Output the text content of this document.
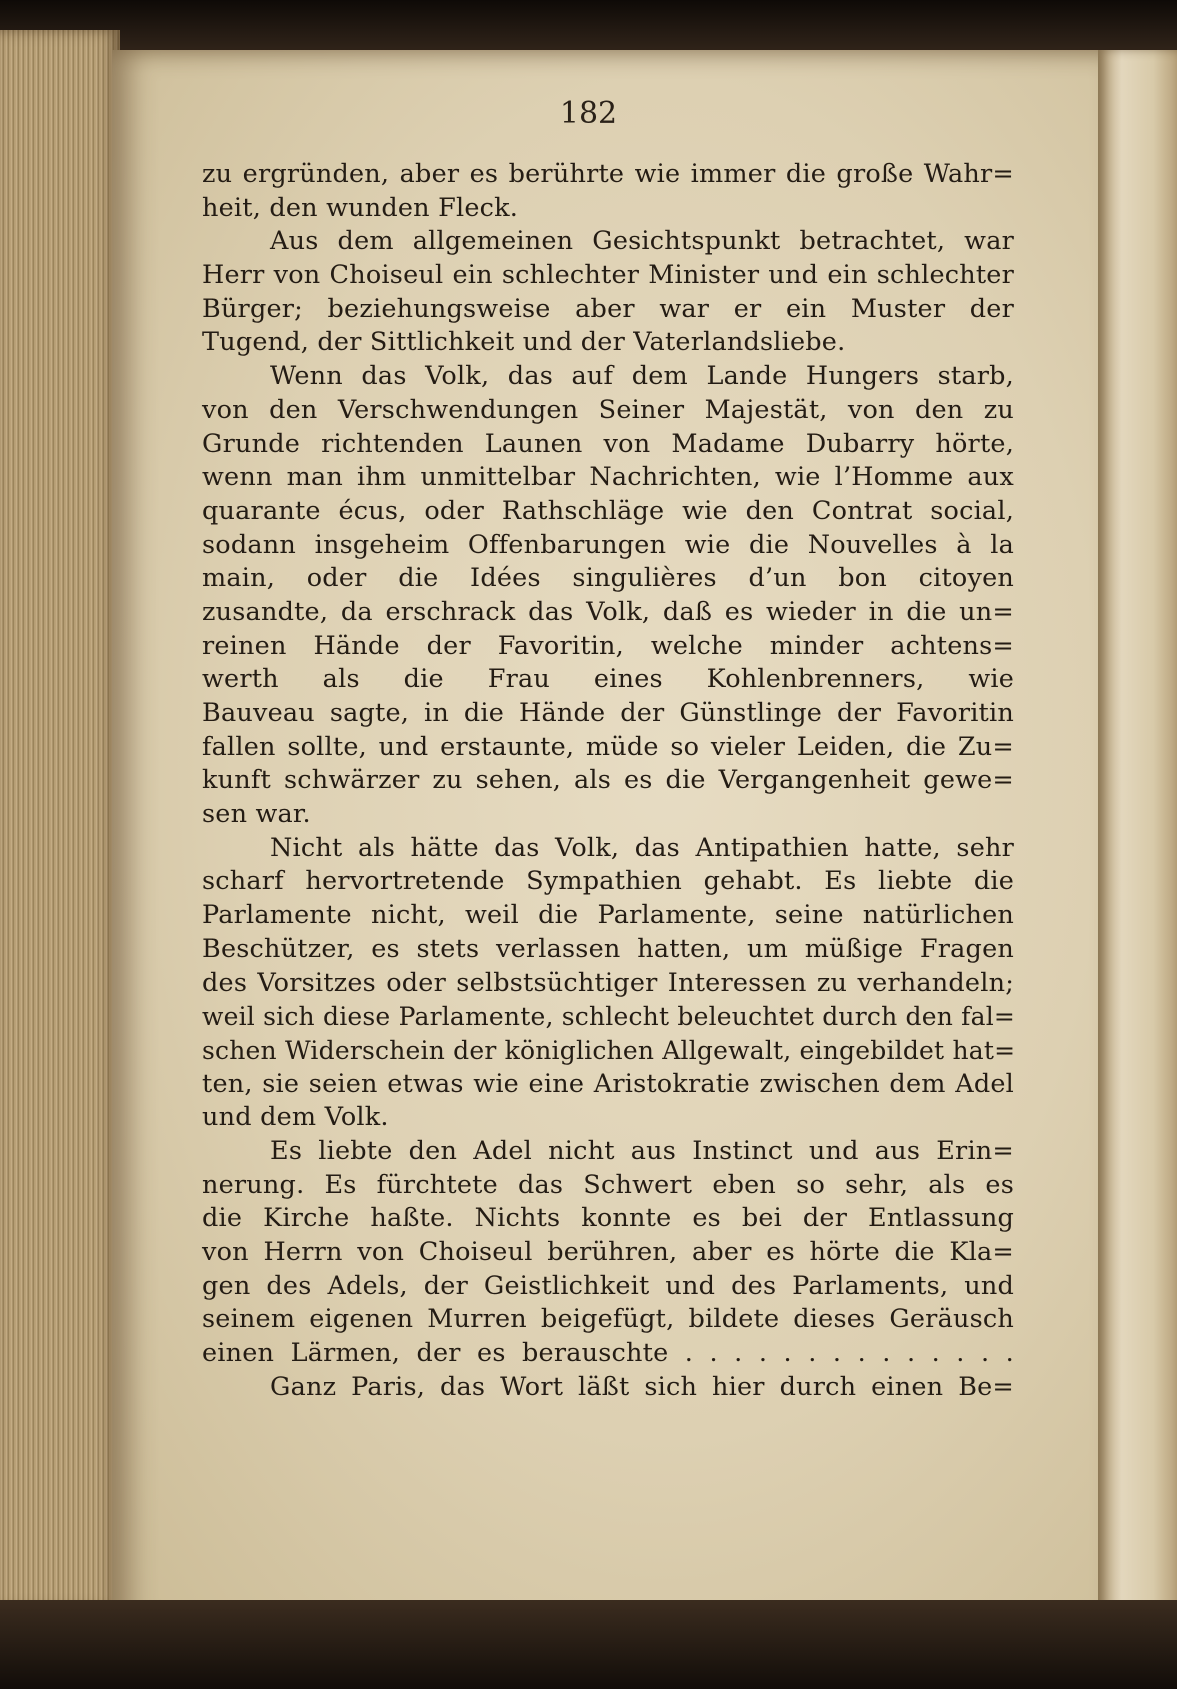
182
zu ergründen, aber es berührte wie immer die große Wahr=
heit, den wunden Fleck.
Aus dem allgemeinen Gesichtspunkt betrachtet, war
Herr von Choiseul ein schlechter Minister und ein schlechter
Bürger; beziehungsweise aber war er ein Muster der
Tugend, der Sittlichkeit und der Vaterlandsliebe.
Wenn das Volk, das auf dem Lande Hungers starb,
von den Verschwendungen Seiner Majestät, von den zu
Grunde richtenden Launen von Madame Dubarry hörte,
wenn man ihm unmittelbar Nachrichten, wie l’Homme aux
quarante écus, oder Rathschläge wie den Contrat social,
sodann insgeheim Offenbarungen wie die Nouvelles à la
main, oder die Idées singulières d’un bon citoyen
zusandte, da erschrack das Volk, daß es wieder in die un=
reinen Hände der Favoritin, welche minder achtens=
werth als die Frau eines Kohlenbrenners, wie
Bauveau sagte, in die Hände der Günstlinge der Favoritin
fallen sollte, und erstaunte, müde so vieler Leiden, die Zu=
kunft schwärzer zu sehen, als es die Vergangenheit gewe=
sen war.
Nicht als hätte das Volk, das Antipathien hatte, sehr
scharf hervortretende Sympathien gehabt. Es liebte die
Parlamente nicht, weil die Parlamente, seine natürlichen
Beschützer, es stets verlassen hatten, um müßige Fragen
des Vorsitzes oder selbstsüchtiger Interessen zu verhandeln;
weil sich diese Parlamente, schlecht beleuchtet durch den fal=
schen Widerschein der königlichen Allgewalt, eingebildet hat=
ten, sie seien etwas wie eine Aristokratie zwischen dem Adel
und dem Volk.
Es liebte den Adel nicht aus Instinct und aus Erin=
nerung. Es fürchtete das Schwert eben so sehr, als es
die Kirche haßte. Nichts konnte es bei der Entlassung
von Herrn von Choiseul berühren, aber es hörte die Kla=
gen des Adels, der Geistlichkeit und des Parlaments, und
seinem eigenen Murren beigefügt, bildete dieses Geräusch
einen Lärmen, der es berauschte . . . . . . . . . . . . . .
Ganz Paris, das Wort läßt sich hier durch einen Be=
